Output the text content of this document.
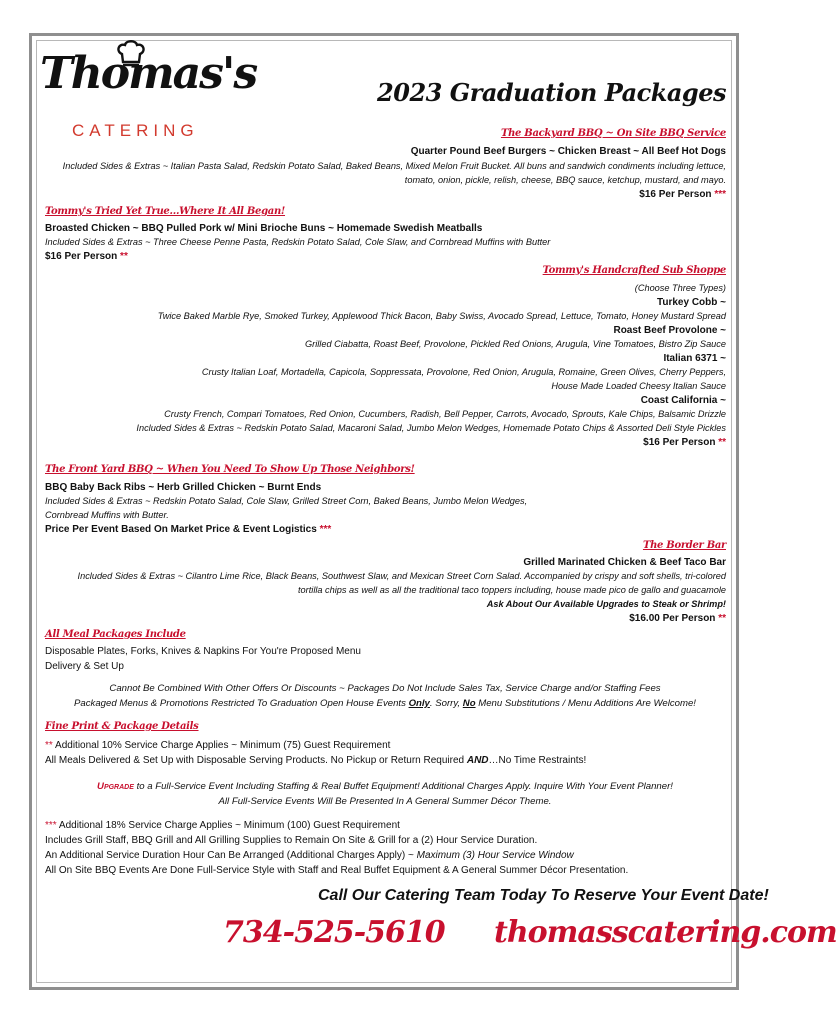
Thomas's
CATERING
2023 Graduation Packages
The Backyard BBQ ~ On Site BBQ Service
Quarter Pound Beef Burgers ~ Chicken Breast ~ All Beef Hot Dogs
Included Sides & Extras ~ Italian Pasta Salad, Redskin Potato Salad, Baked Beans, Mixed Melon Fruit Bucket. All buns and sandwich condiments including lettuce,
tomato, onion, pickle, relish, cheese, BBQ sauce, ketchup, mustard, and mayo.
$16 Per Person ***
Tommy's Tried Yet True…Where It All Began!
Broasted Chicken ~ BBQ Pulled Pork w/ Mini Brioche Buns ~ Homemade Swedish Meatballs
Included Sides & Extras ~ Three Cheese Penne Pasta, Redskin Potato Salad, Cole Slaw, and Cornbread Muffins with Butter
$16 Per Person **
Tommy's Handcrafted Sub Shoppe
(Choose Three Types)
Turkey Cobb ~
Twice Baked Marble Rye, Smoked Turkey, Applewood Thick Bacon, Baby Swiss, Avocado Spread, Lettuce, Tomato, Honey Mustard Spread
Roast Beef Provolone ~
Grilled Ciabatta, Roast Beef, Provolone, Pickled Red Onions, Arugula, Vine Tomatoes, Bistro Zip Sauce
Italian 6371 ~
Crusty Italian Loaf, Mortadella, Capicola, Soppressata, Provolone, Red Onion, Arugula, Romaine, Green Olives, Cherry Peppers,
House Made Loaded Cheesy Italian Sauce
Coast California ~
Crusty French, Compari Tomatoes, Red Onion, Cucumbers, Radish, Bell Pepper, Carrots, Avocado, Sprouts, Kale Chips, Balsamic Drizzle
Included Sides & Extras ~ Redskin Potato Salad, Macaroni Salad, Jumbo Melon Wedges, Homemade Potato Chips & Assorted Deli Style Pickles
$16 Per Person **
The Front Yard BBQ ~ When You Need To Show Up Those Neighbors!
BBQ Baby Back Ribs ~ Herb Grilled Chicken ~ Burnt Ends
Included Sides & Extras ~ Redskin Potato Salad, Cole Slaw, Grilled Street Corn, Baked Beans, Jumbo Melon Wedges,
Cornbread Muffins with Butter.
Price Per Event Based On Market Price & Event Logistics ***
The Border Bar
Grilled Marinated Chicken & Beef Taco Bar
Included Sides & Extras ~ Cilantro Lime Rice, Black Beans, Southwest Slaw, and Mexican Street Corn Salad. Accompanied by crispy and soft shells, tri-colored
tortilla chips as well as all the traditional taco toppers including, house made pico de gallo and guacamole
Ask About Our Available Upgrades to Steak or Shrimp!
$16.00 Per Person **
All Meal Packages Include
Disposable Plates, Forks, Knives & Napkins For You're Proposed Menu
Delivery & Set Up
Cannot Be Combined With Other Offers Or Discounts ~ Packages Do Not Include Sales Tax, Service Charge and/or Staffing Fees
Packaged Menus & Promotions Restricted To Graduation Open House Events Only. Sorry, No Menu Substitutions / Menu Additions Are Welcome!
Fine Print & Package Details
** Additional 10% Service Charge Applies ~ Minimum (75) Guest Requirement
All Meals Delivered & Set Up with Disposable Serving Products. No Pickup or Return Required AND…No Time Restraints!
Upgrade to a Full-Service Event Including Staffing & Real Buffet Equipment! Additional Charges Apply. Inquire With Your Event Planner!
All Full-Service Events Will Be Presented In A General Summer Décor Theme.
*** Additional 18% Service Charge Applies ~ Minimum (100) Guest Requirement
Includes Grill Staff, BBQ Grill and All Grilling Supplies to Remain On Site & Grill for a (2) Hour Service Duration.
An Additional Service Duration Hour Can Be Arranged (Additional Charges Apply) ~ Maximum (3) Hour Service Window
All On Site BBQ Events Are Done Full-Service Style with Staff and Real Buffet Equipment & A General Summer Décor Presentation.
Call Our Catering Team Today To Reserve Your Event Date!
734-525-5610 thomasscatering.com
